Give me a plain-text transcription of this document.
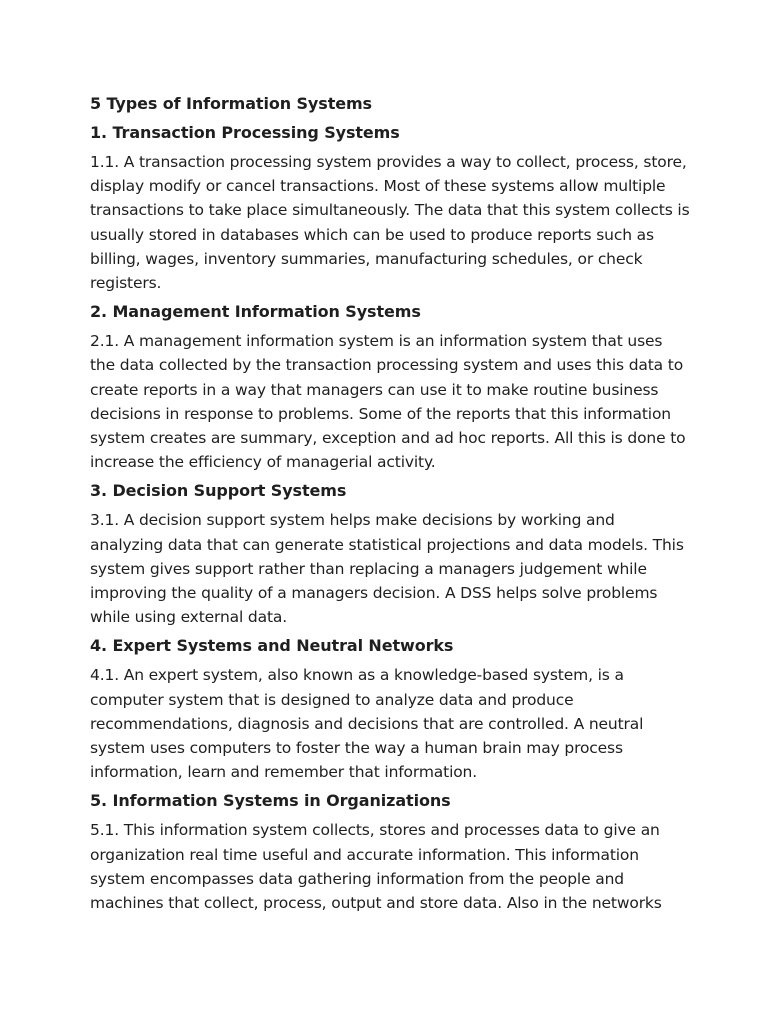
5 Types of Information Systems
1. Transaction Processing Systems

1.1. A transaction processing system provides a way to collect, process, store, display modify or cancel transactions. Most of these systems allow multiple transactions to take place simultaneously. The data that this system collects is usually stored in databases which can be used to produce reports such as billing, wages, inventory summaries, manufacturing schedules, or check registers.

2. Management Information Systems

2.1. A management information system is an information system that uses the data collected by the transaction processing system and uses this data to create reports in a way that managers can use it to make routine business decisions in response to problems. Some of the reports that this information system creates are summary, exception and ad hoc reports. All this is done to increase the efficiency of managerial activity.

3. Decision Support Systems

3.1. A decision support system helps make decisions by working and analyzing data that can generate statistical projections and data models. This system gives support rather than replacing a managers judgement while improving the quality of a managers decision. A DSS helps solve problems while using external data.

4. Expert Systems and Neutral Networks

4.1. An expert system, also known as a knowledge-based system, is a computer system that is designed to analyze data and produce recommendations, diagnosis and decisions that are controlled. A neutral system uses computers to foster the way a human brain may process information, learn and remember that information.

5. Information Systems in Organizations

5.1. This information system collects, stores and processes data to give an organization real time useful and accurate information. This information system encompasses data gathering information from the people and machines that collect, process, output and store data. Also in the networks
